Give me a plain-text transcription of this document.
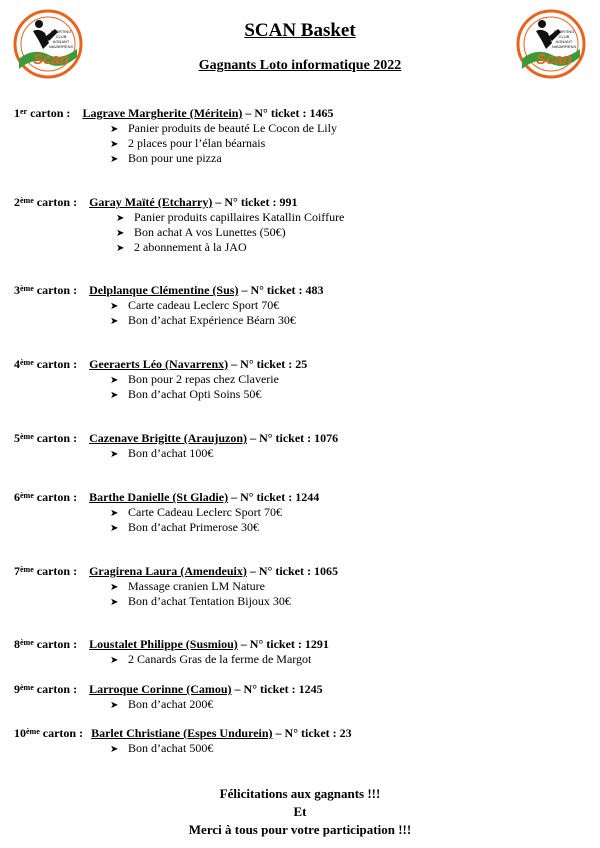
Scan
SPORTING
CLUB
AGNANT
NAVARRENX
Scan
SPORTING
CLUB
AGNANT
NAVARRENX
SCAN Basket
Gagnants Loto informatique 2022
1er carton : Lagrave Margherite (Méritein) – N° ticket : 1465
➤ Panier produits de beauté Le Cocon de Lily
➤ 2 places pour l’élan béarnais
➤ Bon pour une pizza
2ème carton : Garay Maïté (Etcharry) – N° ticket : 991
➤ Panier produits capillaires Katallin Coiffure
➤ Bon achat A vos Lunettes (50€)
➤ 2 abonnement à la JAO
3ème carton : Delplanque Clémentine (Sus) – N° ticket : 483
➤ Carte cadeau Leclerc Sport 70€
➤ Bon d’achat Expérience Béarn 30€
4ème carton : Geeraerts Léo (Navarrenx) – N° ticket : 25
➤ Bon pour 2 repas chez Claverie
➤ Bon d’achat Opti Soins 50€
5ème carton : Cazenave Brigitte (Araujuzon) – N° ticket : 1076
➤ Bon d’achat 100€
6ème carton : Barthe Danielle (St Gladie) – N° ticket : 1244
➤ Carte Cadeau Leclerc Sport 70€
➤ Bon d’achat Primerose 30€
7ème carton : Gragirena Laura (Amendeuix) – N° ticket : 1065
➤ Massage cranien LM Nature
➤ Bon d’achat Tentation Bijoux 30€
8ème carton : Loustalet Philippe (Susmiou) – N° ticket : 1291
➤ 2 Canards Gras de la ferme de Margot
9ème carton : Larroque Corinne (Camou) – N° ticket : 1245
➤ Bon d’achat 200€
10ème carton : Barlet Christiane (Espes Undurein) – N° ticket : 23
➤ Bon d’achat 500€
Félicitations aux gagnants !!!
Et
Merci à tous pour votre participation !!!
